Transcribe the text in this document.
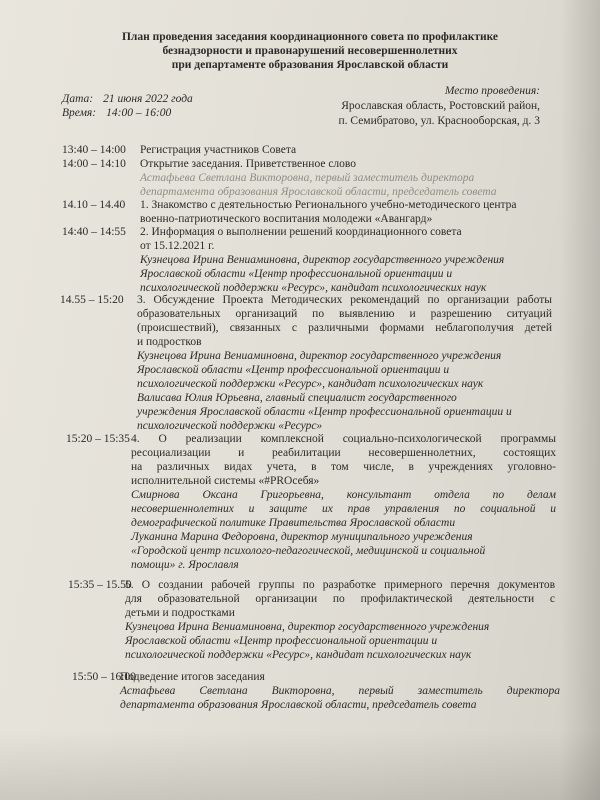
План проведения заседания координационного совета по профилактике
безнадзорности и правонарушений несовершеннолетних
при департаменте образования Ярославской области
Дата: 21 июня 2022 года
Время: 14:00 – 16:00
Место проведения:
Ярославская область, Ростовский район,
п. Семибратово, ул. Краснооборская, д. 3
13:40 – 14:00 Регистрация участников Совета
14:00 – 14:10 Открытие заседания. Приветственное слово
Астафьева Светлана Викторовна, первый заместитель директора
департамента образования Ярославской области, председатель совета
14.10 – 14.40 1. Знакомство с деятельностью Регионального учебно-методического центра
военно-патриотического воспитания молодежи «Авангард»
14:40 – 14:55 2. Информация о выполнении решений координационного совета
от 15.12.2021 г.
Кузнецова Ирина Вениаминовна, директор государственного учреждения
Ярославской области «Центр профессиональной ориентации и
психологической поддержки «Ресурс», кандидат психологических наук
14.55 – 15:20 3. Обсуждение Проекта Методических рекомендаций по организации работы
образовательных организаций по выявлению и разрешению ситуаций
(происшествий), связанных с различными формами неблагополучия детей
и подростков
Кузнецова Ирина Вениаминовна, директор государственного учреждения
Ярославской области «Центр профессиональной ориентации и
психологической поддержки «Ресурс», кандидат психологических наук
Валисава Юлия Юрьевна, главный специалист государственного
учреждения Ярославской области «Центр профессиональной ориентации и
психологической поддержки «Ресурс»
15:20 – 15:35 4. О реализации комплексной социально-психологической программы
ресоциализации и реабилитации несовершеннолетних, состоящих
на различных видах учета, в том числе, в учреждениях уголовно-
исполнительной системы «#PROсебя»
Смирнова Оксана Григорьевна, консультант отдела по делам
несовершеннолетних и защите их прав управления по социальной и
демографической политике Правительства Ярославской области
Луканина Марина Федоровна, директор муниципального учреждения
«Городской центр психолого-педагогической, медицинской и социальной
помощи» г. Ярославля
15:35 – 15.50
5. О создании рабочей группы по разработке примерного перечня документов
для образовательной организации по профилактической деятельности с
детьми и подростками
Кузнецова Ирина Вениаминовна, директор государственного учреждения
Ярославской области «Центр профессиональной ориентации и
психологической поддержки «Ресурс», кандидат психологических наук
15:50 – 16:00
Подведение итогов заседания
Астафьева Светлана Викторовна, первый заместитель директора
департамента образования Ярославской области, председатель совета
